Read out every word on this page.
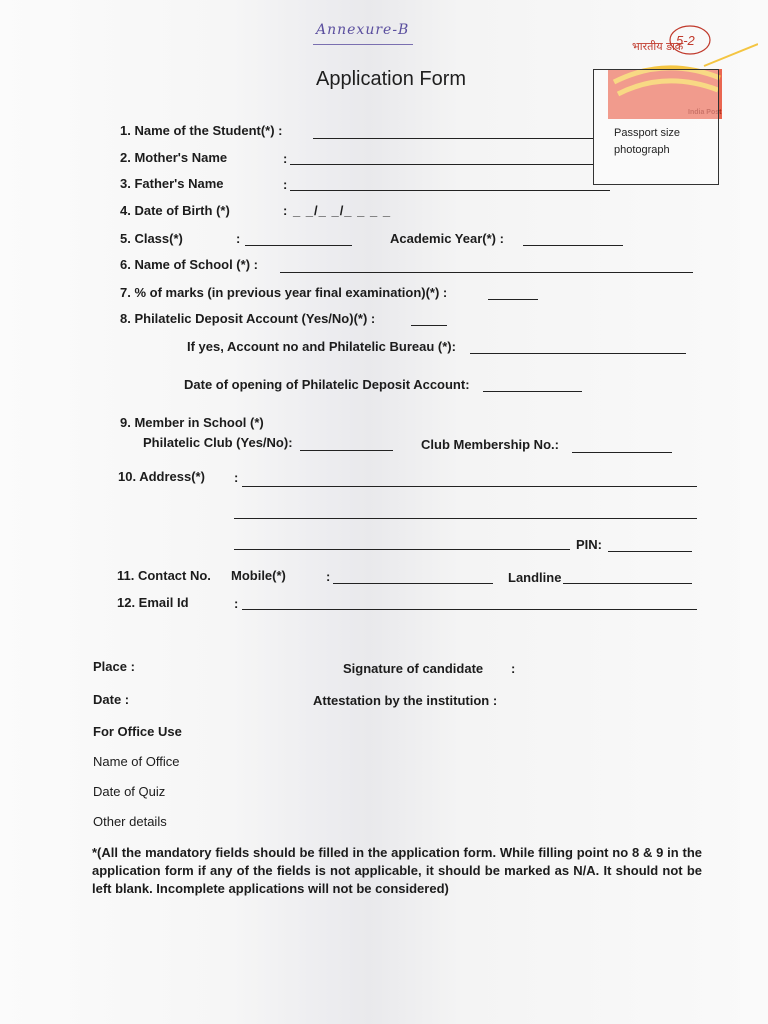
Annexure-B
Application Form
भारतीय डाक
5-2
India Post
Passport size
photograph
1. Name of the Student(*) :
2. Mother's Name	:
3. Father's Name	:
4. Date of Birth (*)	: _ _/_ _/_ _ _ _
5. Class(*)	:	Academic Year(*) :
6. Name of School (*) :
7. % of marks (in previous year final examination)(*) :
8. Philatelic Deposit Account (Yes/No)(*) :
If yes, Account no and Philatelic Bureau (*):
Date of opening of Philatelic Deposit Account:
9. Member in School (*)
Philatelic Club (Yes/No):	Club Membership No.:
10. Address(*) :
PIN:
11. Contact No. Mobile(*)	:	Landline
12. Email Id	:
Place :
Date :
Signature of candidate :
Attestation by the institution :
For Office Use
Name of Office
Date of Quiz
Other details
*(All the mandatory fields should be filled in the application form. While filling point no 8 & 9 in the application form if any of the fields is not applicable, it should be marked as N/A. It should not be left blank. Incomplete applications will not be considered)
